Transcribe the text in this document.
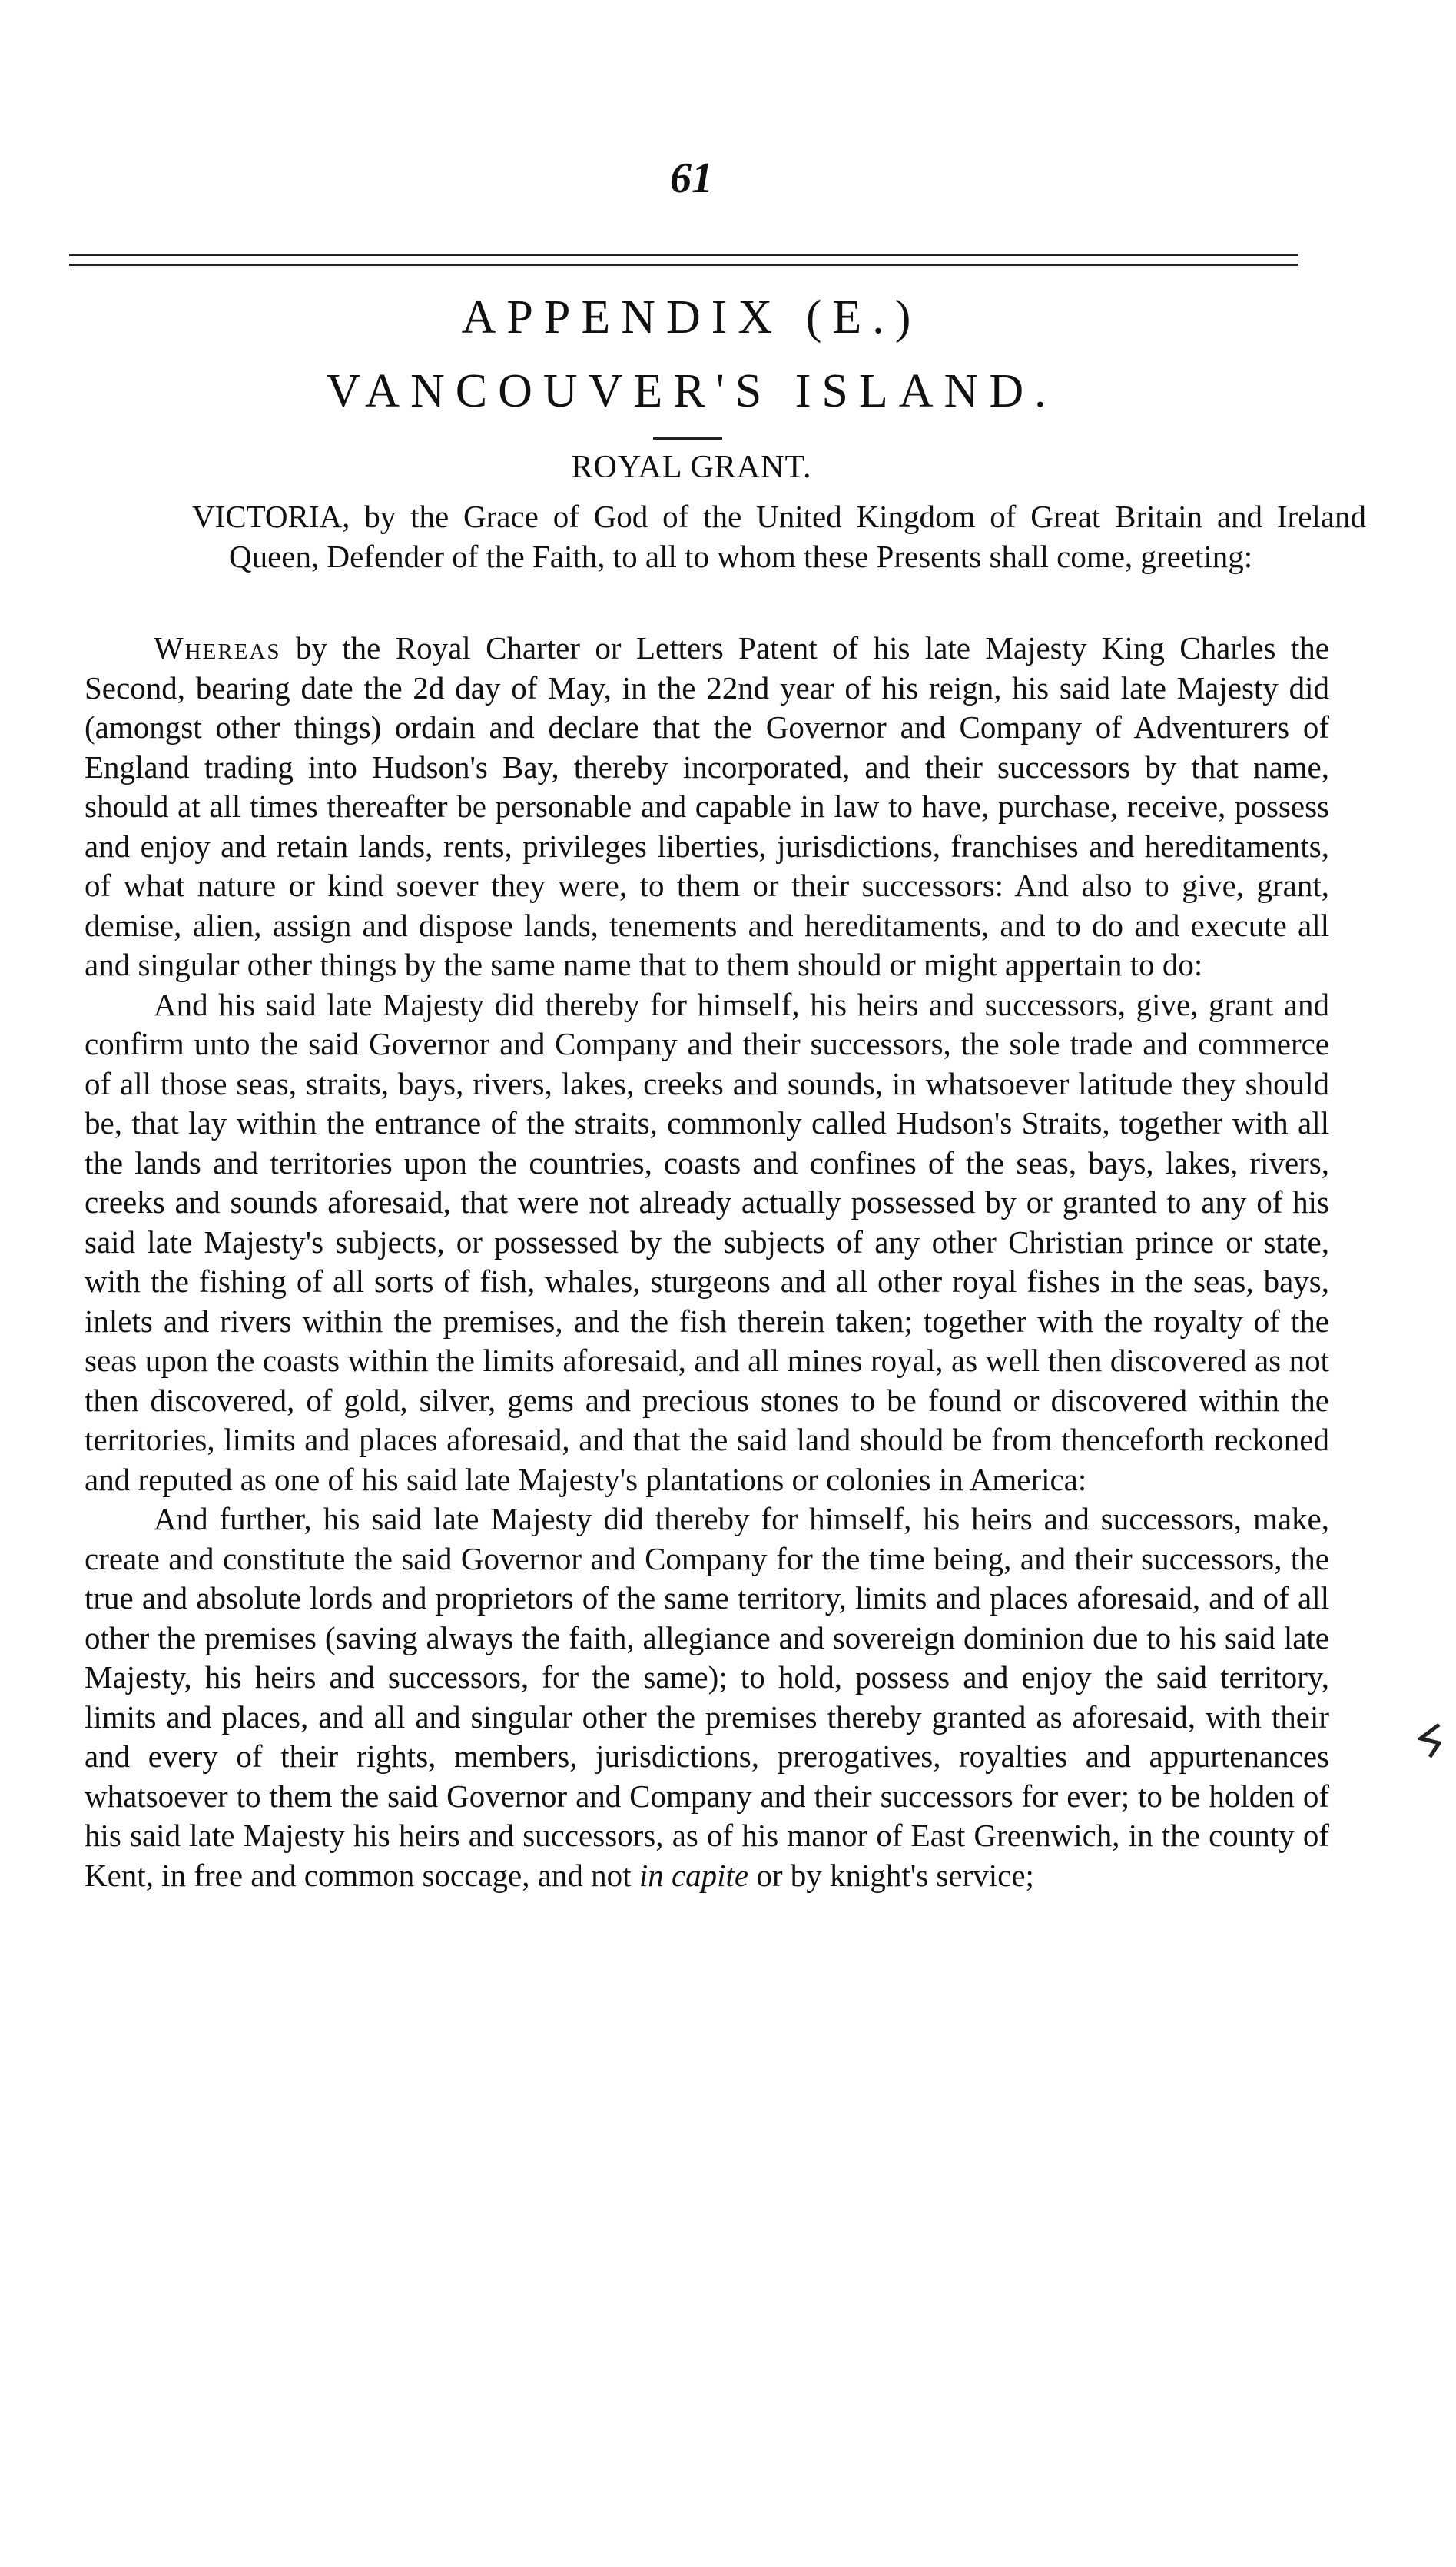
61
APPENDIX (E.)
VANCOUVER'S ISLAND.
ROYAL GRANT.

VICTORIA, by the Grace of God of the United Kingdom of Great Britain and Ireland Queen, Defender of the Faith, to all to whom these Presents shall come, greeting:

Whereas by the Royal Charter or Letters Patent of his late Majesty King Charles the Second, bearing date the 2d day of May, in the 22nd year of his reign, his said late Majesty did (amongst other things) ordain and declare that the Governor and Company of Adventurers of England trading into Hudson's Bay, thereby incorporated, and their successors by that name, should at all times thereafter be personable and capable in law to have, purchase, receive, possess and enjoy and retain lands, rents, privileges liberties, jurisdictions, franchises and hereditaments, of what nature or kind soever they were, to them or their successors: And also to give, grant, demise, alien, assign and dispose lands, tenements and hereditaments, and to do and execute all and singular other things by the same name that to them should or might appertain to do:

And his said late Majesty did thereby for himself, his heirs and successors, give, grant and confirm unto the said Governor and Company and their successors, the sole trade and commerce of all those seas, straits, bays, rivers, lakes, creeks and sounds, in whatsoever latitude they should be, that lay within the entrance of the straits, commonly called Hudson's Straits, together with all the lands and territories upon the countries, coasts and confines of the seas, bays, lakes, rivers, creeks and sounds aforesaid, that were not already actually possessed by or granted to any of his said late Majesty's subjects, or possessed by the subjects of any other Christian prince or state, with the fishing of all sorts of fish, whales, sturgeons and all other royal fishes in the seas, bays, inlets and rivers within the premises, and the fish therein taken; together with the royalty of the seas upon the coasts within the limits aforesaid, and all mines royal, as well then discovered as not then discovered, of gold, silver, gems and precious stones to be found or discovered within the territories, limits and places aforesaid, and that the said land should be from thenceforth reckoned and reputed as one of his said late Majesty's plantations or colonies in America:

And further, his said late Majesty did thereby for himself, his heirs and successors, make, create and constitute the said Governor and Company for the time being, and their successors, the true and absolute lords and proprietors of the same territory, limits and places aforesaid, and of all other the premises (saving always the faith, allegiance and sovereign dominion due to his said late Majesty, his heirs and successors, for the same); to hold, possess and enjoy the said territory, limits and places, and all and singular other the premises thereby granted as aforesaid, with their and every of their rights, members, jurisdictions, prerogatives, royalties and appurtenances whatsoever to them the said Governor and Company and their successors for ever; to be holden of his said late Majesty his heirs and successors, as of his manor of East Greenwich, in the county of Kent, in free and common soccage, and not in capite or by knight's service;
